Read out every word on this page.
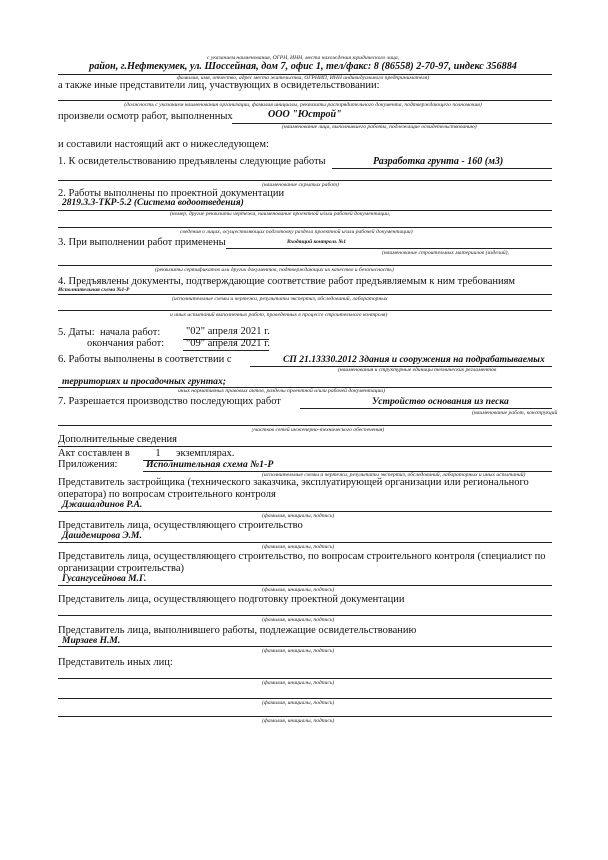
с указанием наименования, ОГРН, ИНН, места нахождения юридического лица,
район, г.Нефтекумек, ул. Шоссейная, дом 7, офис 1, тел/факс: 8 (86558) 2-70-97, индекс 356884
фамилия, имя, отчество, адрес места жительства, ОГРНИП, ИНН индивидуального предпринимателя)
а также иные представители лиц, участвующих в освидетельствовании:
(должность с указанием наименования организации, фамилия инициалы, реквизиты распорядительного документа, подтверждающего полномочия)
произвели осмотр работ, выполненных	ООО "Юстрой"
(наименование лица, выполнившего работы, подлежащие освидетельствованию)
и составили настоящий акт о нижеследующем:
1. К освидетельствованию предъявлены следующие работы	Разработка грунта - 160 (м3)
(наименование скрытых работ)
2. Работы выполнены по проектной документации
2819.3.3-ТКР-5.2 (Система водоотведения)
(номер, другие реквизиты чертежа, наименование проектной и/или рабочей документации,
сведения о лицах, осуществляющих подготовку раздела проектной и/или рабочей документации)
3. При выполнении работ применены	Входящий контроль №1
(наименование строительных материалов (изделий),
(реквизиты сертификатов или других документов, подтверждающих их качество и безопасность)
4. Предъявлены документы, подтверждающие соответствие работ предъявляемым к ним требованиям
Исполнительная схема №1-Р
(исполнительные схемы и чертежи, результаты экспертиз, обследований, лабораторных
и иных испытаний выполненных работ, проведенных в процессе строительного контроля)
5. Даты: начала работ: "02" апреля 2021 г.
окончания работ: "09" апреля 2021 г.
6. Работы выполнены в соответствии с	СП 21.13330.2012 Здания и сооружения на подрабатываемых
(наименования и структурные единицы технических регламентов
территориях и просадочных грунтах;
иных нормативных правовых актов, разделы проектной и/или рабочей документации)
7. Разрешается производство последующих работ	Устройство основания из песка
(наименование работ, конструкций
участков сетей инженерно-технического обеспечения)
Дополнительные сведения
Акт составлен в	1	экземплярах.
Приложения:	Исполнительная схема №1-Р
(исполнительные схемы и чертежи, результаты экспертиз, обследований, лабораторных и иных испытаний)
Представитель застройщика (технического заказчика, эксплуатирующей организации или регионального
оператора) по вопросам строительного контроля
Джашалдинов Р.А.
(фамилия, инициалы, подпись)
Представитель лица, осуществляющего строительство
Дашдемирова Э.М.
(фамилия, инициалы, подпись)
Представитель лица, осуществляющего строительство, по вопросам строительного контроля (специалист по
организации строительства)
Гусангусейнова М.Г.
(фамилия, инициалы, подпись)
Представитель лица, осуществляющего подготовку проектной документации
(фамилия, инициалы, подпись)
Представитель лица, выполнившего работы, подлежащие освидетельствованию
Мирзаев Н.М.
(фамилия, инициалы, подпись)
Представитель иных лиц:
(фамилия, инициалы, подпись)
(фамилия, инициалы, подпись)
(фамилия, инициалы, подпись)
